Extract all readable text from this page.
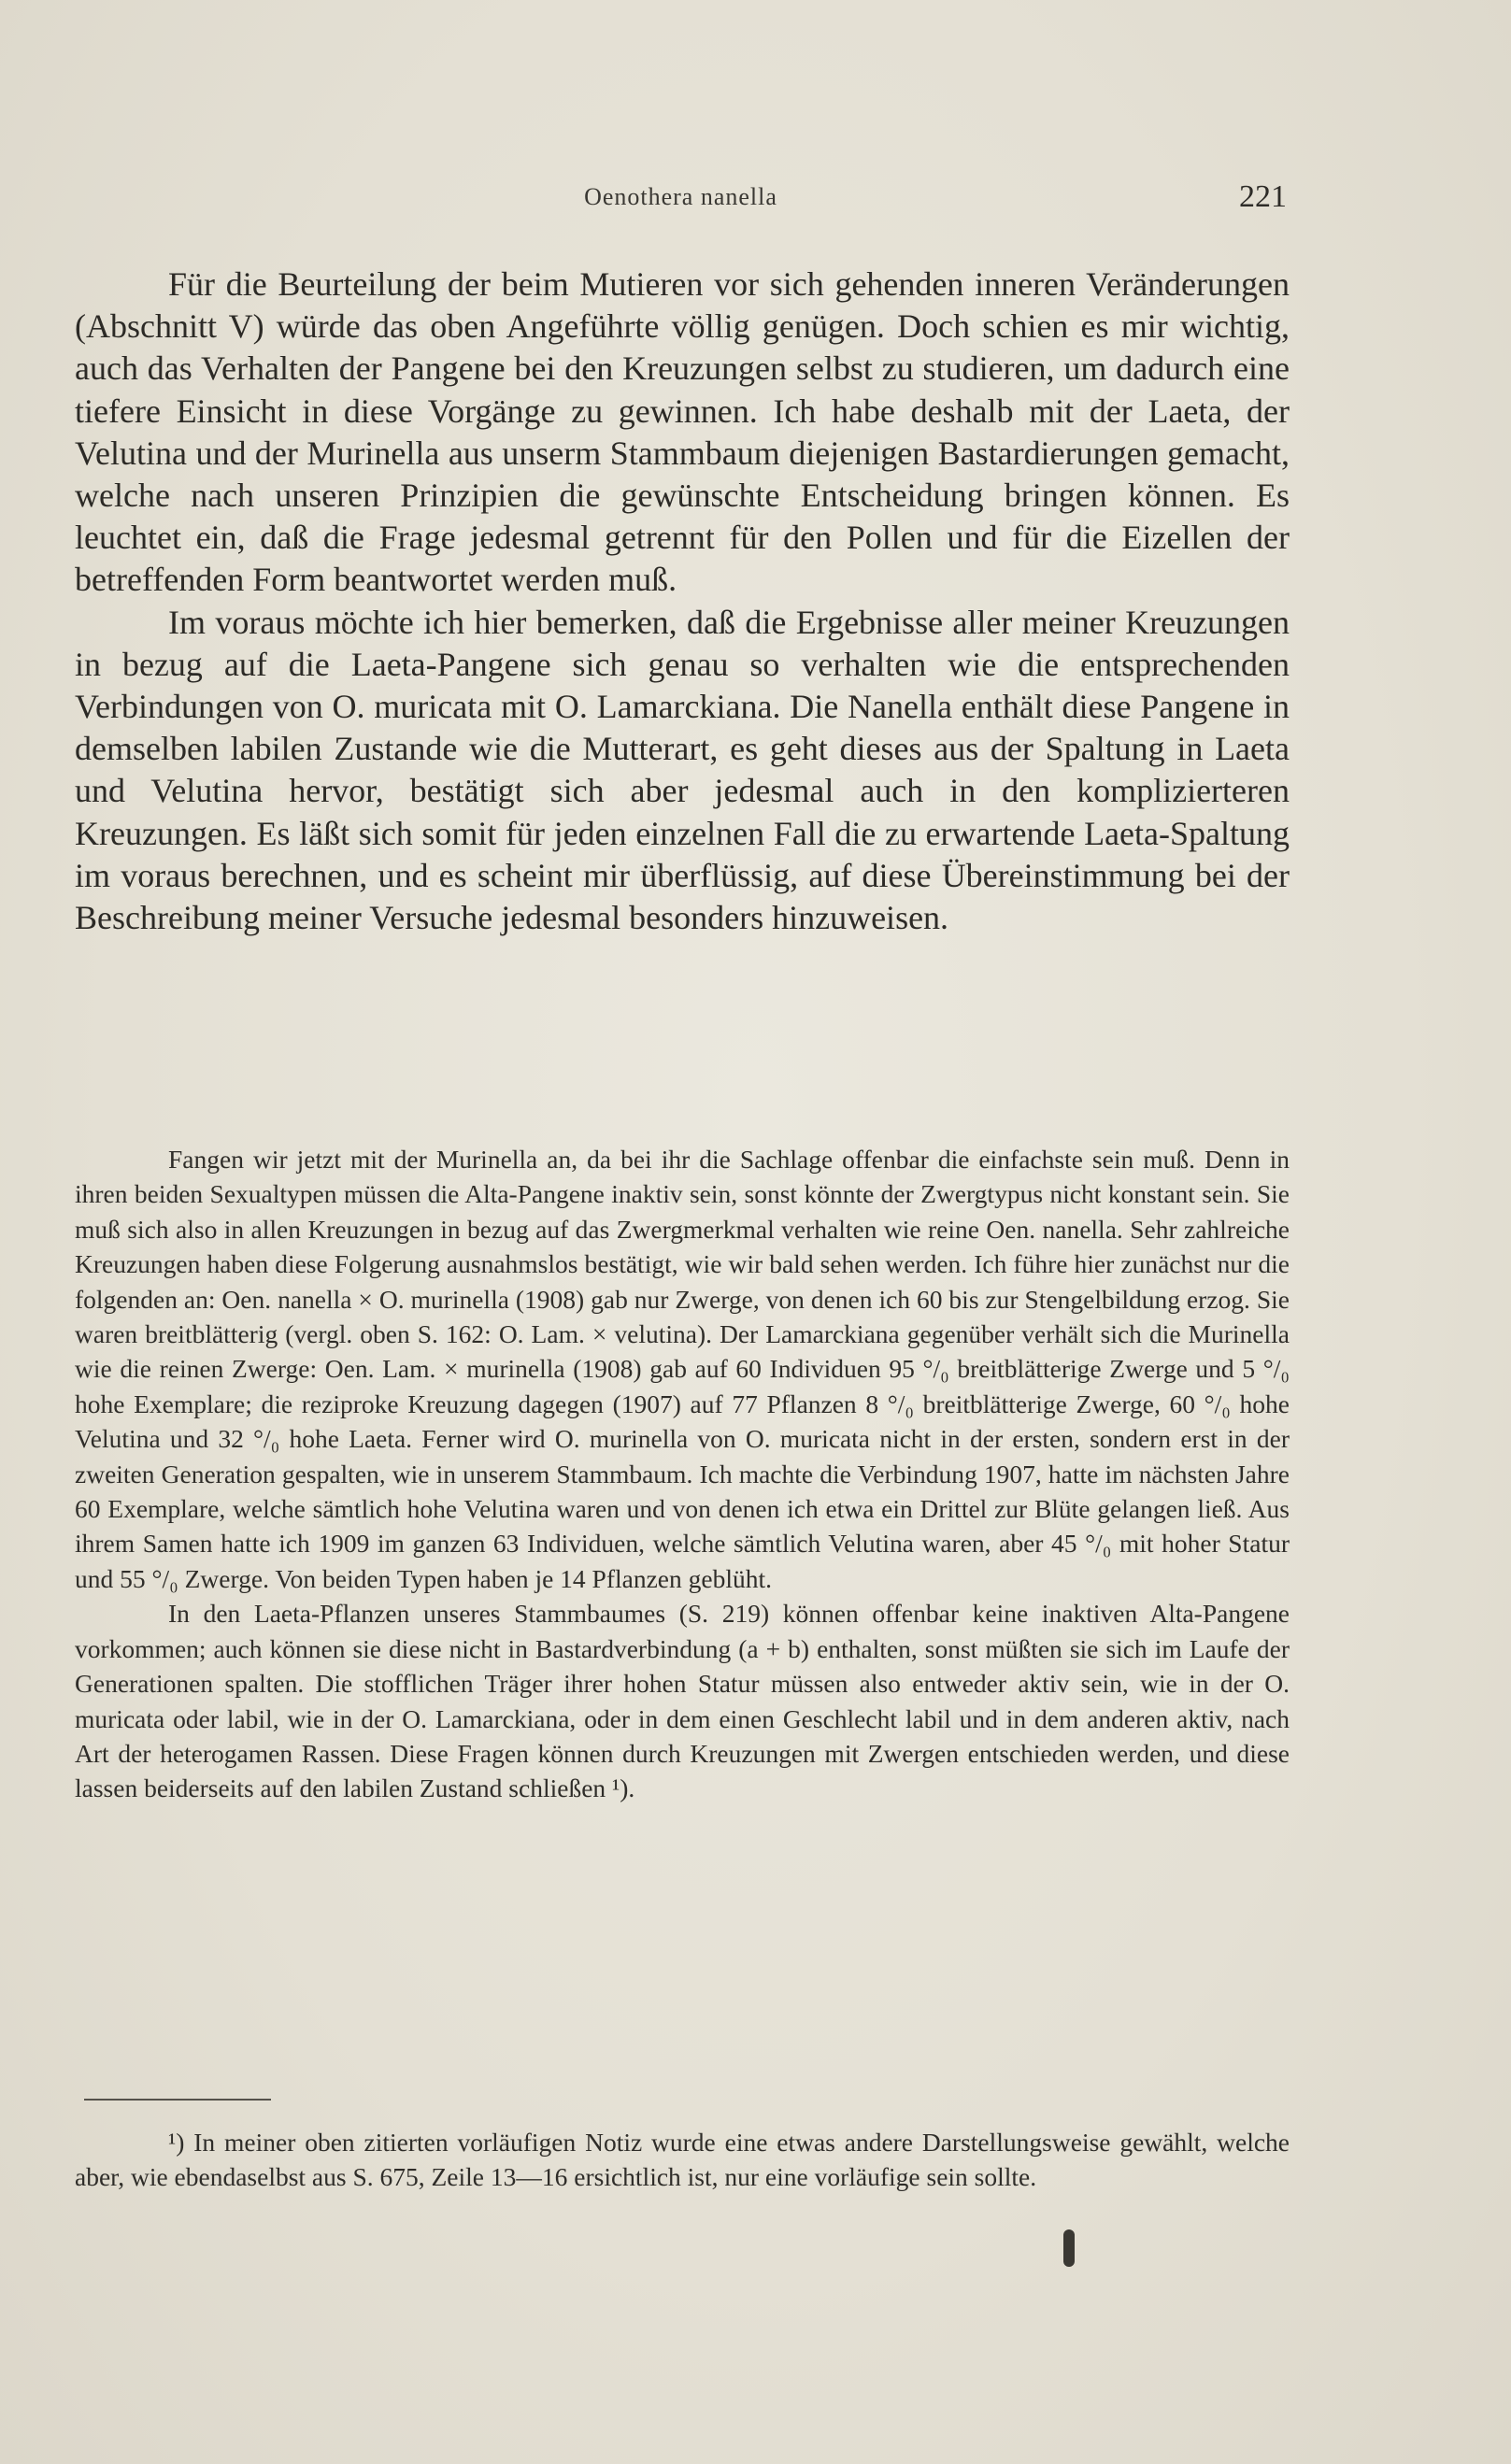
Oenothera nanella	221

Für die Beurteilung der beim Mutieren vor sich gehenden inneren Veränderungen (Abschnitt V) würde das oben Angeführte völlig genügen. Doch schien es mir wichtig, auch das Verhalten der Pangene bei den Kreuzungen selbst zu studieren, um dadurch eine tiefere Einsicht in diese Vorgänge zu gewinnen. Ich habe deshalb mit der Laeta, der Velutina und der Murinella aus unserm Stammbaum diejenigen Bastardierungen gemacht, welche nach unseren Prinzipien die gewünschte Entscheidung bringen können. Es leuchtet ein, daß die Frage jedesmal getrennt für den Pollen und für die Eizellen der betreffenden Form beantwortet werden muß.

Im voraus möchte ich hier bemerken, daß die Ergebnisse aller meiner Kreuzungen in bezug auf die Laeta-Pangene sich genau so verhalten wie die entsprechenden Verbindungen von O. muricata mit O. Lamarckiana. Die Nanella enthält diese Pangene in demselben labilen Zustande wie die Mutterart, es geht dieses aus der Spaltung in Laeta und Velutina hervor, bestätigt sich aber jedesmal auch in den komplizierteren Kreuzungen. Es läßt sich somit für jeden einzelnen Fall die zu erwartende Laeta-Spaltung im voraus berechnen, und es scheint mir überflüssig, auf diese Übereinstimmung bei der Beschreibung meiner Versuche jedesmal besonders hinzuweisen.

Fangen wir jetzt mit der Murinella an, da bei ihr die Sachlage offenbar die einfachste sein muß. Denn in ihren beiden Sexualtypen müssen die Alta-Pangene inaktiv sein, sonst könnte der Zwergtypus nicht konstant sein. Sie muß sich also in allen Kreuzungen in bezug auf das Zwergmerkmal verhalten wie reine Oen. nanella. Sehr zahlreiche Kreuzungen haben diese Folgerung ausnahmslos bestätigt, wie wir bald sehen werden. Ich führe hier zunächst nur die folgenden an: Oen. nanella × O. murinella (1908) gab nur Zwerge, von denen ich 60 bis zur Stengelbildung erzog. Sie waren breitblätterig (vergl. oben S. 162: O. Lam. × velutina). Der Lamarckiana gegenüber verhält sich die Murinella wie die reinen Zwerge: Oen. Lam. × murinella (1908) gab auf 60 Individuen 95 °/₀ breitblätterige Zwerge und 5 °/₀ hohe Exemplare; die reziproke Kreuzung dagegen (1907) auf 77 Pflanzen 8 °/₀ breitblätterige Zwerge, 60 °/₀ hohe Velutina und 32 °/₀ hohe Laeta. Ferner wird O. murinella von O. muricata nicht in der ersten, sondern erst in der zweiten Generation gespalten, wie in unserem Stammbaum. Ich machte die Verbindung 1907, hatte im nächsten Jahre 60 Exemplare, welche sämtlich hohe Velutina waren und von denen ich etwa ein Drittel zur Blüte gelangen ließ. Aus ihrem Samen hatte ich 1909 im ganzen 63 Individuen, welche sämtlich Velutina waren, aber 45 °/₀ mit hoher Statur und 55 °/₀ Zwerge. Von beiden Typen haben je 14 Pflanzen geblüht.

In den Laeta-Pflanzen unseres Stammbaumes (S. 219) können offenbar keine inaktiven Alta-Pangene vorkommen; auch können sie diese nicht in Bastardverbindung (a + b) enthalten, sonst müßten sie sich im Laufe der Generationen spalten. Die stofflichen Träger ihrer hohen Statur müssen also entweder aktiv sein, wie in der O. muricata oder labil, wie in der O. Lamarckiana, oder in dem einen Geschlecht labil und in dem anderen aktiv, nach Art der heterogamen Rassen. Diese Fragen können durch Kreuzungen mit Zwergen entschieden werden, und diese lassen beiderseits auf den labilen Zustand schließen ¹).

¹) In meiner oben zitierten vorläufigen Notiz wurde eine etwas andere Darstellungsweise gewählt, welche aber, wie ebendaselbst aus S. 675, Zeile 13—16 ersichtlich ist, nur eine vorläufige sein sollte.
